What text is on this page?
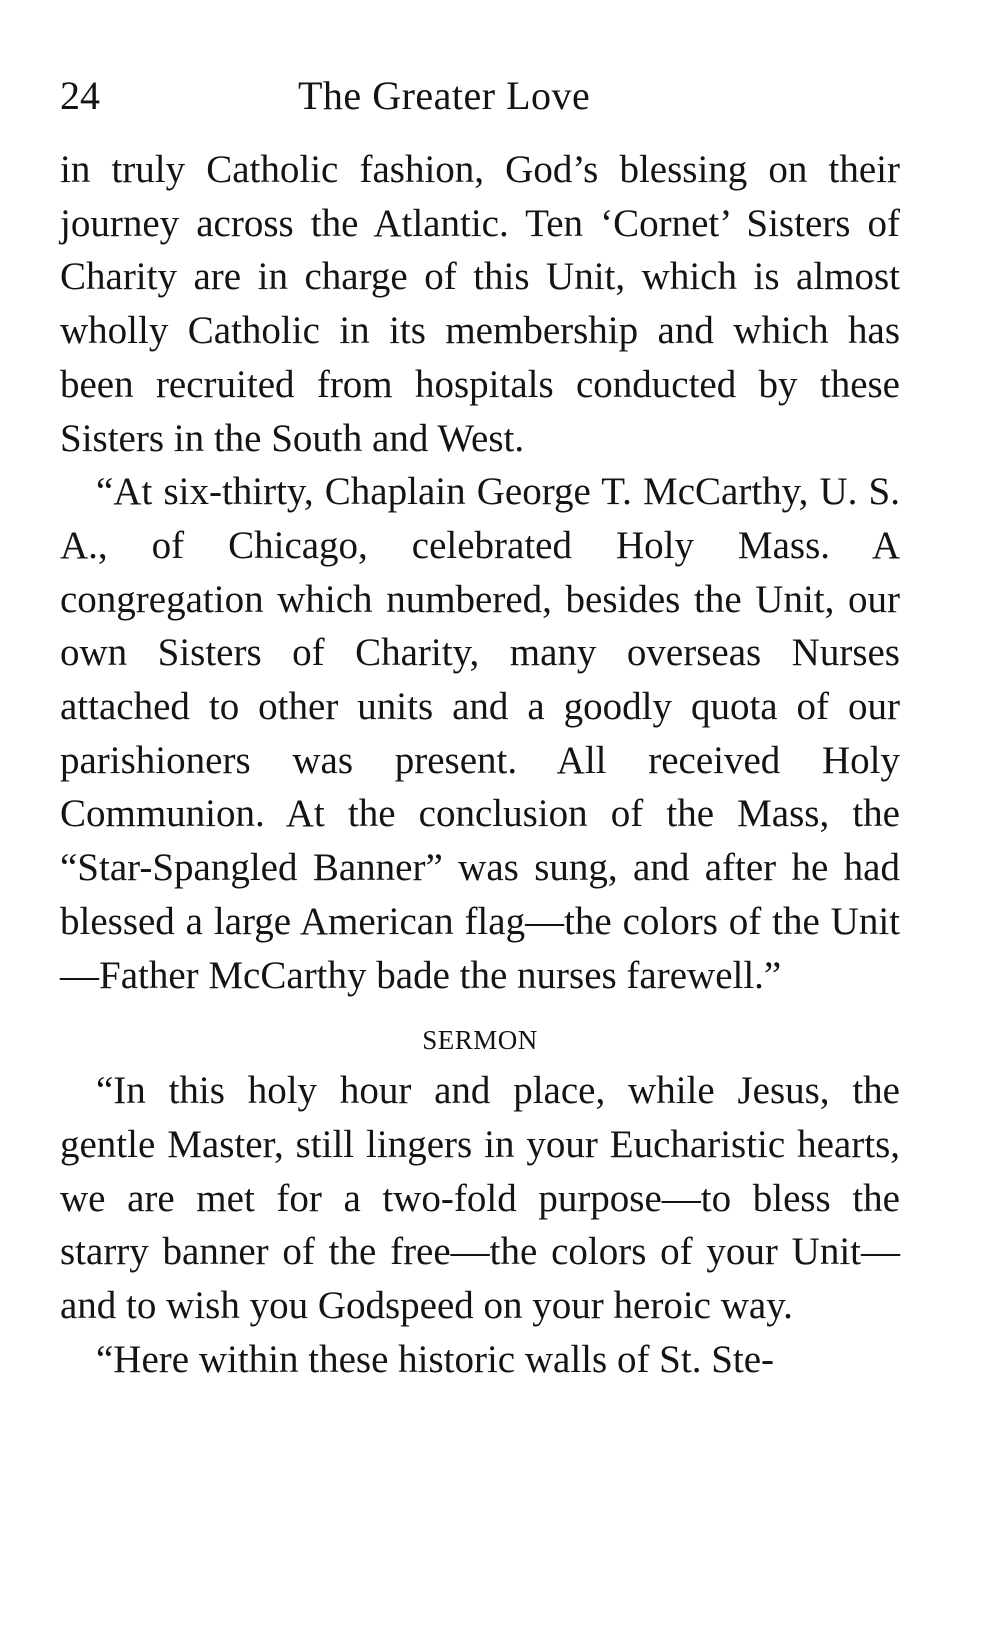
24	The Greater Love

in truly Catholic fashion, God’s blessing on their journey across the Atlantic. Ten ‘Cornet’ Sisters of Charity are in charge of this Unit, which is almost wholly Catholic in its membership and which has been recruited from hospitals conducted by these Sisters in the South and West.

“At six-thirty, Chaplain George T. McCarthy, U. S. A., of Chicago, celebrated Holy Mass. A congregation which numbered, besides the Unit, our own Sisters of Charity, many overseas Nurses attached to other units and a goodly quota of our parishioners was present. All received Holy Communion. At the conclusion of the Mass, the “Star-Spangled Banner” was sung, and after he had blessed a large American flag—the colors of the Unit—Father McCarthy bade the nurses farewell.”

SERMON

“In this holy hour and place, while Jesus, the gentle Master, still lingers in your Eucharistic hearts, we are met for a two-fold purpose—to bless the starry banner of the free—the colors of your Unit—and to wish you Godspeed on your heroic way.

“Here within these historic walls of St. Ste-
